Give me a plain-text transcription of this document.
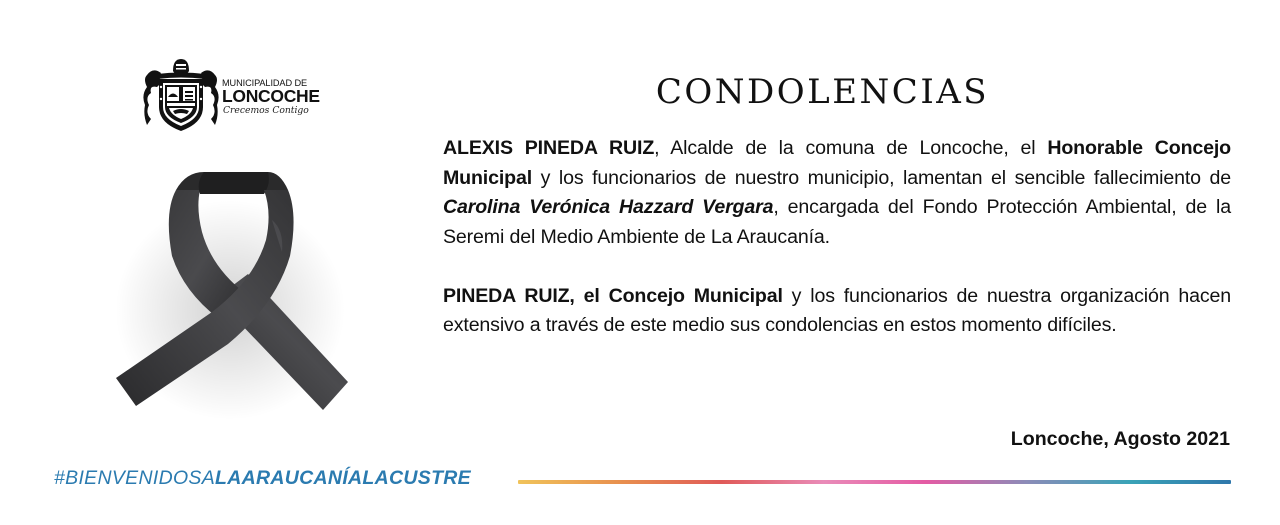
MUNICIPALIDAD DE
LONCOCHE
Crecemos Contigo	CONDOLENCIAS

ALEXIS PINEDA RUIZ, Alcalde de la comuna de Loncoche, el Honorable Concejo Municipal y los funcionarios de nuestro municipio, lamentan el sencible fallecimiento de Carolina Verónica Hazzard Vergara, encargada del Fondo Protección Ambiental, de la Seremi del Medio Ambiente de La Araucanía.

PINEDA RUIZ, el Concejo Municipal y los funcionarios de nuestra organización hacen extensivo a través de este medio sus condolencias en estos momento difíciles.

Loncoche, Agosto 2021
#BIENVENIDOSALAARAUCANÍALACUSTRE
